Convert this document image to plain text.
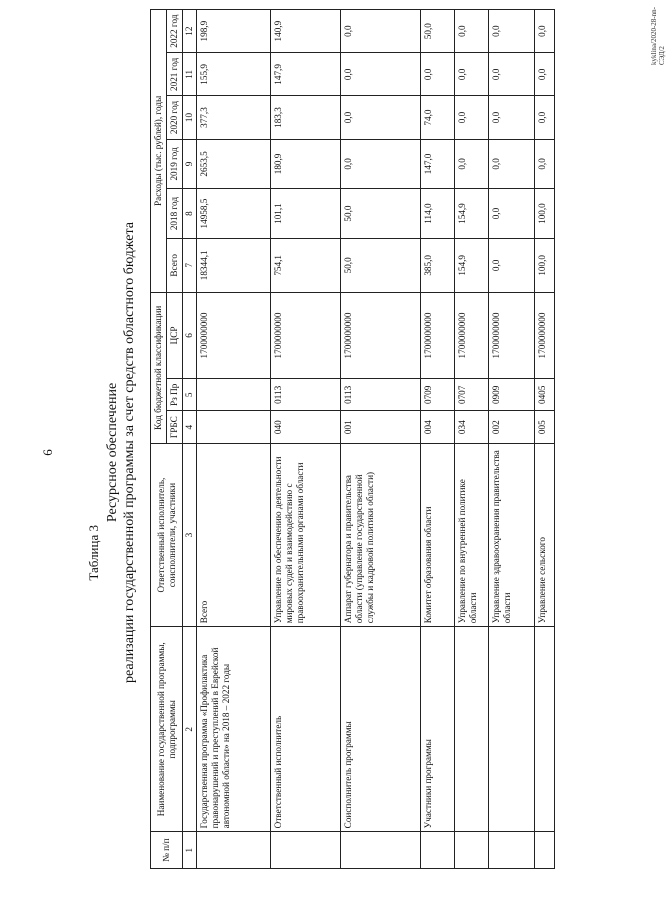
6
Таблица 3
Ресурсное обеспечение реализации государственной программы за счет средств областного бюджета
№ п/п	Наименование государственной программы, подпрограммы	Ответственный исполнитель, соисполнители, участники	Код бюджетной классификации			Расходы (тыс. рублей), годы					
			ГРБС	Рз Пр	ЦСР	Всего	2018 год	2019 год	2020 год	2021 год	2022 год
1	2	3	4	5	6	7	8	9	10	11	12
	Государственная программа «Профилактика правонарушений и преступлений в Еврейской автономной области» на 2018 – 2022 годы	Всего			1700000000	18344,1	14958,5	2653,5	377,3	155,9	198,9
	Ответственный исполнитель	Управление по обеспечению деятельности мировых судей и взаимодействию с правоохранительными органами области	040	0113	1700000000	754,1	101,1	180,9	183,3	147,9	140,9
	Соисполнитель программы	Аппарат губернатора и правительства области (управление государственной службы и кадровой политики области)	001	0113	1700000000	50,0	50,0	0,0	0,0	0,0	0,0
	Участники программы	Комитет образования области	004	0709	1700000000	385,0	114,0	147,0	74,0	0,0	50,0
		Управление по внутренней политике области	034	0707	1700000000	154,9	154,9	0,0	0,0	0,0	0,0
		Управление здравоохранения правительства области	002	0909	1700000000	0,0	0,0	0,0	0,0	0,0	0,0
		Управление сельского	005	0405	1700000000	100,0	100,0	0,0	0,0	0,0	0,0	kyklina/2020-28-nn-СЭД/2
